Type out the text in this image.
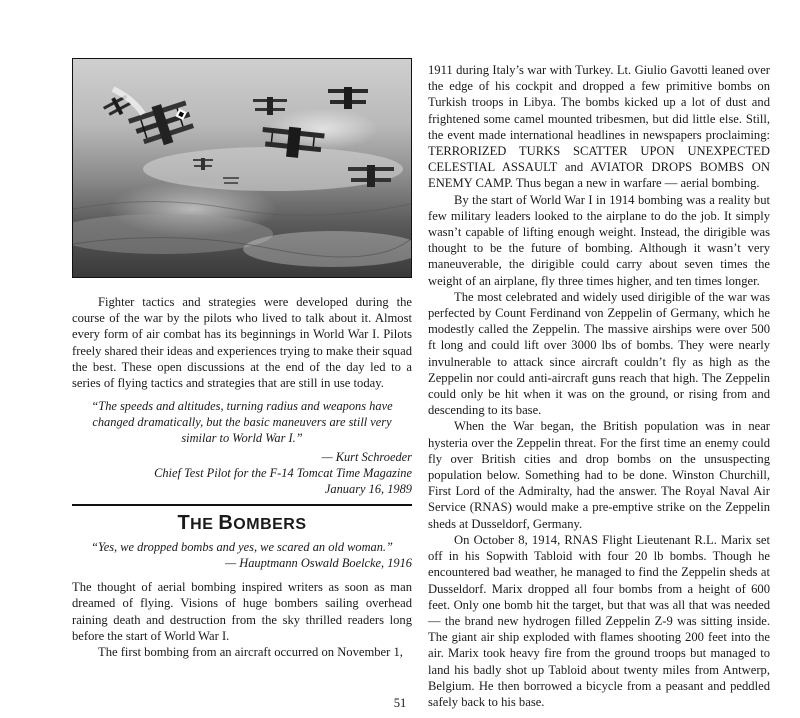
Fighter tactics and strategies were developed during the course of the war by the pilots who lived to talk about it. Almost every form of air combat has its beginnings in World War I. Pilots freely shared their ideas and experiences trying to make their squad the best. These open discussions at the end of the day led to a series of flying tactics and strategies that are still in use today.

“The speeds and altitudes, turning radius and weapons have changed dramatically, but the basic maneuvers are still very similar to World War I.”

— Kurt Schroeder

Chief Test Pilot for the F-14 Tomcat Time Magazine

January 16, 1989

THE BOMBERS

“Yes, we dropped bombs and yes, we scared an old woman.”

— Hauptmann Oswald Boelcke, 1916

The thought of aerial bombing inspired writers as soon as man dreamed of flying. Visions of huge bombers sailing overhead raining death and destruction from the sky thrilled readers long before the start of World War I.

The first bombing from an aircraft occurred on November 1,

1911 during Italy’s war with Turkey. Lt. Giulio Gavotti leaned over the edge of his cockpit and dropped a few primitive bombs on Turkish troops in Libya. The bombs kicked up a lot of dust and frightened some camel mounted tribesmen, but did little else. Still, the event made international headlines in newspapers proclaiming: TERRORIZED TURKS SCATTER UPON UNEXPECTED CELESTIAL ASSAULT and AVIATOR DROPS BOMBS ON ENEMY CAMP. Thus began a new in warfare — aerial bombing.

By the start of World War I in 1914 bombing was a reality but few military leaders looked to the airplane to do the job. It simply wasn’t capable of lifting enough weight. Instead, the dirigible was thought to be the future of bombing. Although it wasn’t very maneuverable, the dirigible could carry about seven times the weight of an airplane, fly three times higher, and ten times longer.

The most celebrated and widely used dirigible of the war was perfected by Count Ferdinand von Zeppelin of Germany, which he modestly called the Zeppelin. The massive airships were over 500 ft long and could lift over 3000 lbs of bombs. They were nearly invulnerable to attack since aircraft couldn’t fly as high as the Zeppelin nor could anti-aircraft guns reach that high. The Zeppelin could only be hit when it was on the ground, or rising from and descending to its base.

When the War began, the British population was in near hysteria over the Zeppelin threat. For the first time an enemy could fly over British cities and drop bombs on the unsuspecting population below. Something had to be done. Winston Churchill, First Lord of the Admiralty, had the answer. The Royal Naval Air Service (RNAS) would make a pre-emptive strike on the Zeppelin sheds at Dusseldorf, Germany.

On October 8, 1914, RNAS Flight Lieutenant R.L. Marix set off in his Sopwith Tabloid with four 20 lb bombs. Though he encountered bad weather, he managed to find the Zeppelin sheds at Dusseldorf. Marix dropped all four bombs from a height of 600 feet. Only one bomb hit the target, but that was all that was needed — the brand new hydrogen filled Zeppelin Z-9 was sitting inside. The giant air ship exploded with flames shooting 200 feet into the air. Marix took heavy fire from the ground troops but managed to land his badly shot up Tabloid about twenty miles from Antwerp, Belgium. He then borrowed a bicycle from a peasant and peddled safely back to his base.

51
